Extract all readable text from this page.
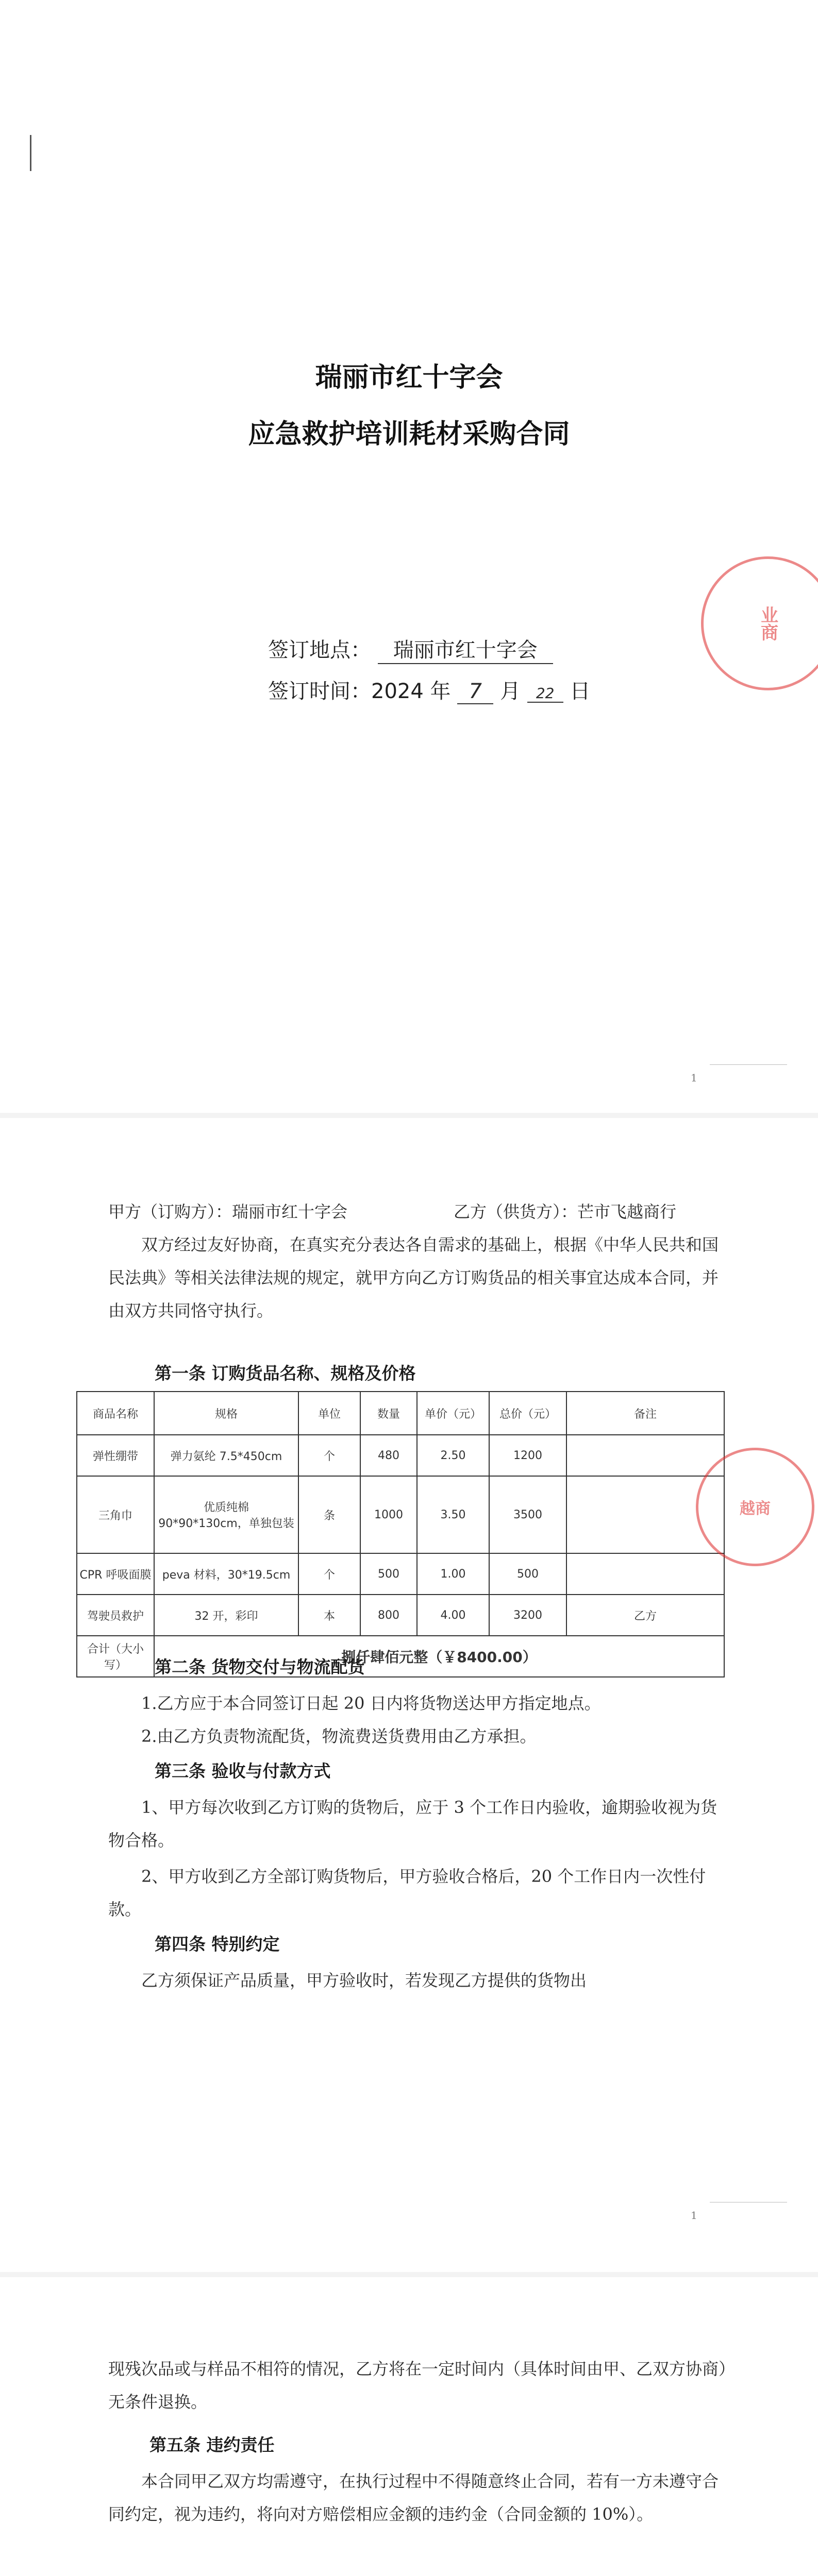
瑞丽市红十字会
应急救护培训耗材采购合同
签订地点： 瑞丽市红十字会
签订时间：2024 年 7 月 22 日
业商
1
甲方（订购方）：瑞丽市红十字会	乙方（供货方）：芒市飞越商行
双方经过友好协商，在真实充分表达各自需求的基础上，根据《中华人民共和国民法典》等相关法律法规的规定，就甲方向乙方订购货品的相关事宜达成本合同，并由双方共同恪守执行。
第一条 订购货品名称、规格及价格
商品名称	规格	单位	数量	单价（元）	总价（元）	备注
弹性绷带	弹力氨纶 7.5*450cm	个	480	2.50	1200	
三角巾	优质纯棉 90*90*130cm，单独包装	条	1000	3.50	3500	
CPR 呼吸面膜	peva 材料，30*19.5cm	个	500	1.00	500	
驾驶员救护	32 开，彩印	本	800	4.00	3200	乙方
合计（大小写）	捌仟肆佰元整（￥8400.00）					
越商
第二条 货物交付与物流配货
1.乙方应于本合同签订日起 20 日内将货物送达甲方指定地点。
2.由乙方负责物流配货，物流费送货费用由乙方承担。
第三条 验收与付款方式
1、甲方每次收到乙方订购的货物后，应于 3 个工作日内验收，逾期验收视为货物合格。
2、甲方收到乙方全部订购货物后，甲方验收合格后，20 个工作日内一次性付款。
第四条 特别约定
乙方须保证产品质量，甲方验收时，若发现乙方提供的货物出
1
现残次品或与样品不相符的情况，乙方将在一定时间内（具体时间由甲、乙双方协商）无条件退换。
第五条 违约责任
本合同甲乙双方均需遵守，在执行过程中不得随意终止合同，若有一方未遵守合同约定，视为违约，将向对方赔偿相应金额的违约金（合同金额的 10%）。
